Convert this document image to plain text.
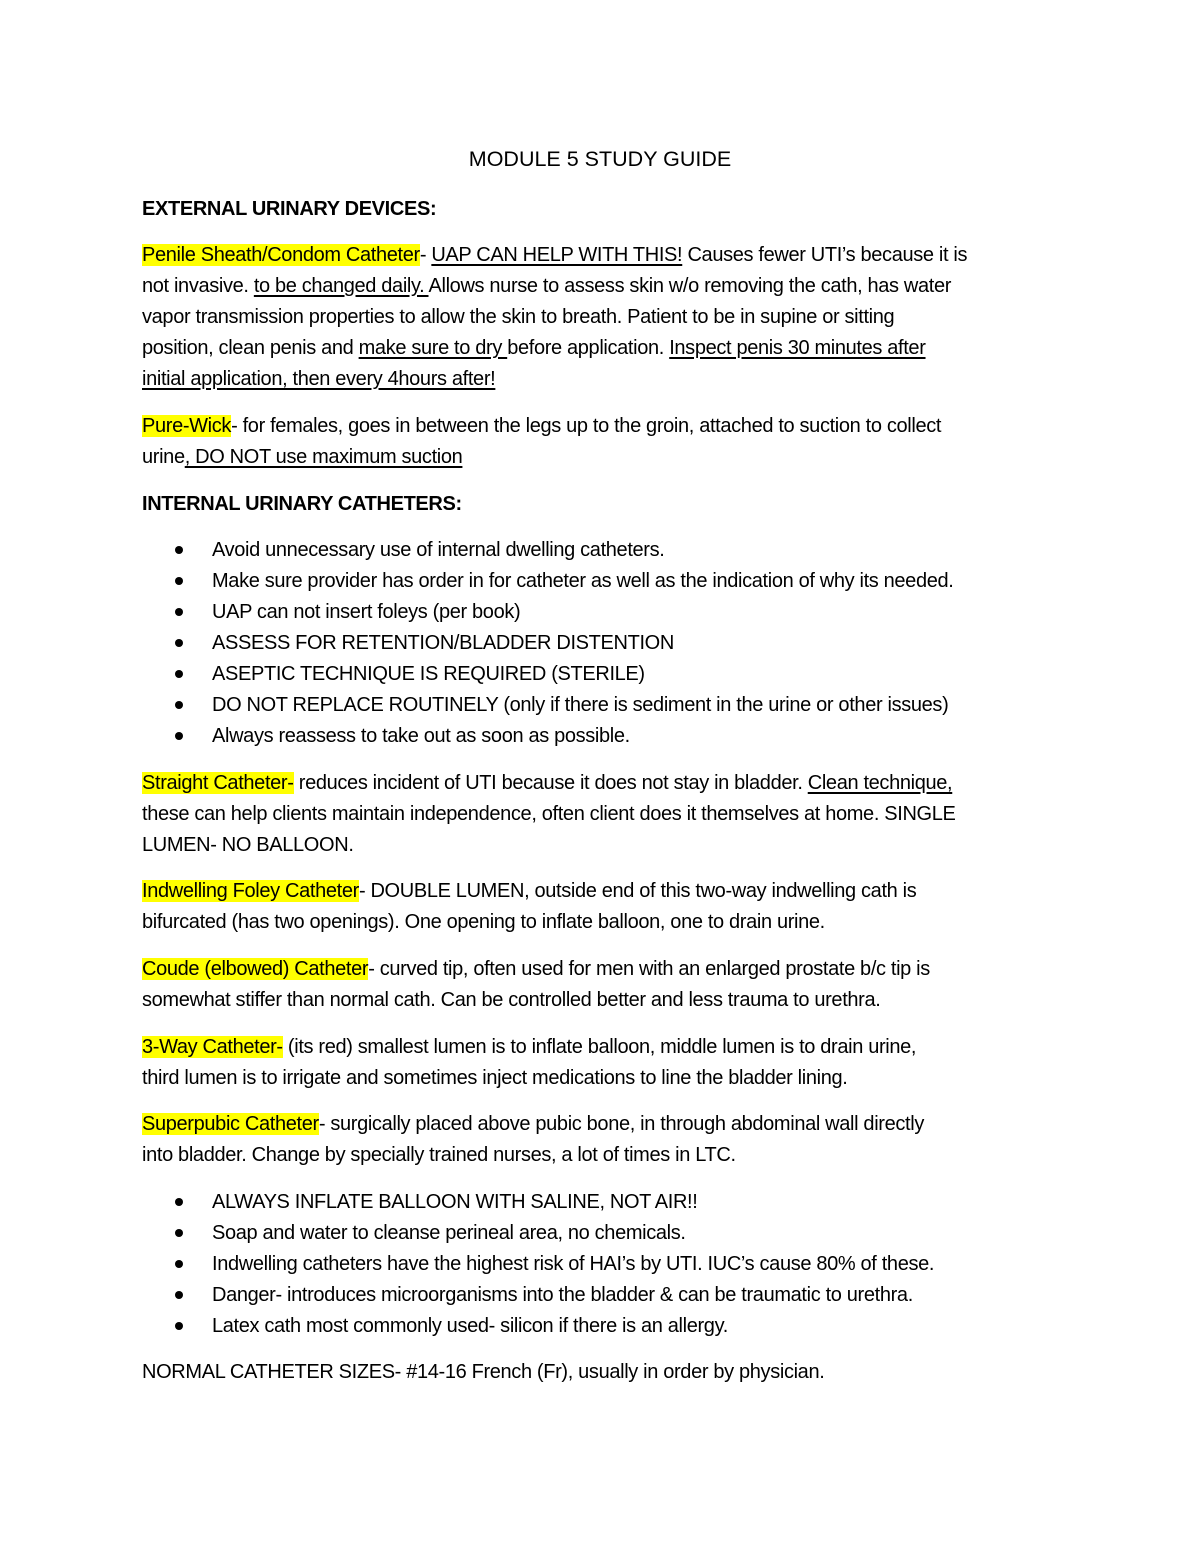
MODULE 5 STUDY GUIDE
EXTERNAL URINARY DEVICES:
Penile Sheath/Condom Catheter- UAP CAN HELP WITH THIS! Causes fewer UTI’s because it is
not invasive. to be changed daily. Allows nurse to assess skin w/o removing the cath, has water
vapor transmission properties to allow the skin to breath. Patient to be in supine or sitting
position, clean penis and make sure to dry before application. Inspect penis 30 minutes after
initial application, then every 4hours after!
Pure-Wick- for females, goes in between the legs up to the groin, attached to suction to collect
urine, DO NOT use maximum suction
INTERNAL URINARY CATHETERS:
Avoid unnecessary use of internal dwelling catheters.
Make sure provider has order in for catheter as well as the indication of why its needed.
UAP can not insert foleys (per book)
ASSESS FOR RETENTION/BLADDER DISTENTION
ASEPTIC TECHNIQUE IS REQUIRED (STERILE)
DO NOT REPLACE ROUTINELY (only if there is sediment in the urine or other issues)
Always reassess to take out as soon as possible.
Straight Catheter- reduces incident of UTI because it does not stay in bladder. Clean technique,
these can help clients maintain independence, often client does it themselves at home. SINGLE
LUMEN- NO BALLOON.
Indwelling Foley Catheter- DOUBLE LUMEN, outside end of this two-way indwelling cath is
bifurcated (has two openings). One opening to inflate balloon, one to drain urine.
Coude (elbowed) Catheter- curved tip, often used for men with an enlarged prostate b/c tip is
somewhat stiffer than normal cath. Can be controlled better and less trauma to urethra.
3-Way Catheter- (its red) smallest lumen is to inflate balloon, middle lumen is to drain urine,
third lumen is to irrigate and sometimes inject medications to line the bladder lining.
Superpubic Catheter- surgically placed above pubic bone, in through abdominal wall directly
into bladder. Change by specially trained nurses, a lot of times in LTC.
ALWAYS INFLATE BALLOON WITH SALINE, NOT AIR!!
Soap and water to cleanse perineal area, no chemicals.
Indwelling catheters have the highest risk of HAI’s by UTI. IUC’s cause 80% of these.
Danger- introduces microorganisms into the bladder & can be traumatic to urethra.
Latex cath most commonly used- silicon if there is an allergy.
NORMAL CATHETER SIZES- #14-16 French (Fr), usually in order by physician.
